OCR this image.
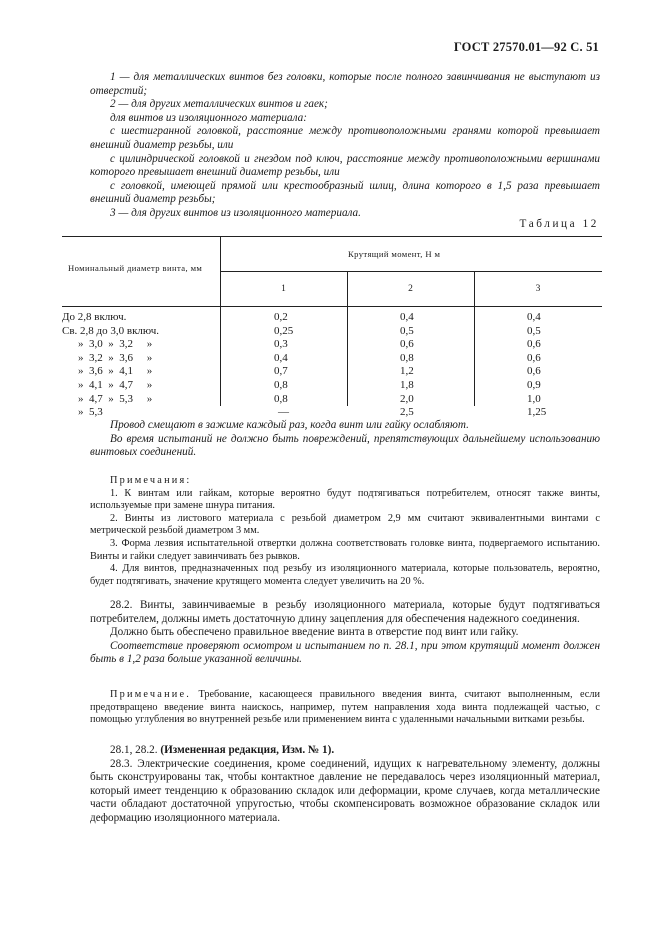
ГОСТ 27570.01—92 С. 51

1 — для металлических винтов без головки, которые после полного завинчивания не выступают из отверстий;

2 — для других металлических винтов и гаек;

для винтов из изоляционного материала:

с шестигранной головкой, расстояние между противоположными гранями которой превышает внешний диаметр резьбы, или

с цилиндрической головкой и гнездом под ключ, расстояние между противоположными вершинами которого превышает внешний диаметр резьбы, или

с головкой, имеющей прямой или крестообразный шлиц, длина которого в 1,5 раза превышает внешний диаметр резьбы;

3 — для других винтов из изоляционного материала.

Таблица 12
Номинальный диаметр винта, мм
Крутящий момент, Н м
1	2	3
До 2,8 включ.
Св. 2,8 до 3,0 включ.
»  3,0  »  3,2     »
»  3,2  »  3,6     »
»  3,6  »  4,1     »
»  4,1  »  4,7     »
»  4,7  »  5,3     »
»  5,3
0,2
0,25
0,3
0,4
0,7
0,8
0,8
—
0,4
0,5
0,6
0,8
1,2
1,8
2,0
2,5
0,4
0,5
0,6
0,6
0,6
0,9
1,0
1,25

Провод смещают в зажиме каждый раз, когда винт или гайку ослабляют.

Во время испытаний не должно быть повреждений, препятствующих дальнейшему использованию винтовых соединений.

Примечания:

1. К винтам или гайкам, которые вероятно будут подтягиваться потребителем, относят также винты, используемые при замене шнура питания.

2. Винты из листового материала с резьбой диаметром 2,9 мм считают эквивалентными винтами с метрической резьбой диаметром 3 мм.

3. Форма лезвия испытательной отвертки должна соответствовать головке винта, подвергаемого испытанию. Винты и гайки следует завинчивать без рывков.

4. Для винтов, предназначенных под резьбу из изоляционного материала, которые пользователь, вероятно, будет подтягивать, значение крутящего момента следует увеличить на 20 %.

28.2. Винты, завинчиваемые в резьбу изоляционного материала, которые будут подтягиваться потребителем, должны иметь достаточную длину зацепления для обеспечения надежного соединения.

Должно быть обеспечено правильное введение винта в отверстие под винт или гайку.

Соответствие проверяют осмотром и испытанием по п. 28.1, при этом крутящий момент должен быть в 1,2 раза больше указанной величины.

Примечание. Требование, касающееся правильного введения винта, считают выполненным, если предотвращено введение винта наискось, например, путем направления хода винта подлежащей частью, с помощью углубления во внутренней резьбе или применением винта с удаленными начальными витками резьбы.

28.1, 28.2. (Измененная редакция, Изм. № 1).

28.3. Электрические соединения, кроме соединений, идущих к нагревательному элементу, должны быть сконструированы так, чтобы контактное давление не передавалось через изоляционный материал, который имеет тенденцию к образованию складок или деформации, кроме случаев, когда металлические части обладают достаточной упругостью, чтобы скомпенсировать возможное образование складок или деформацию изоляционного материала.
